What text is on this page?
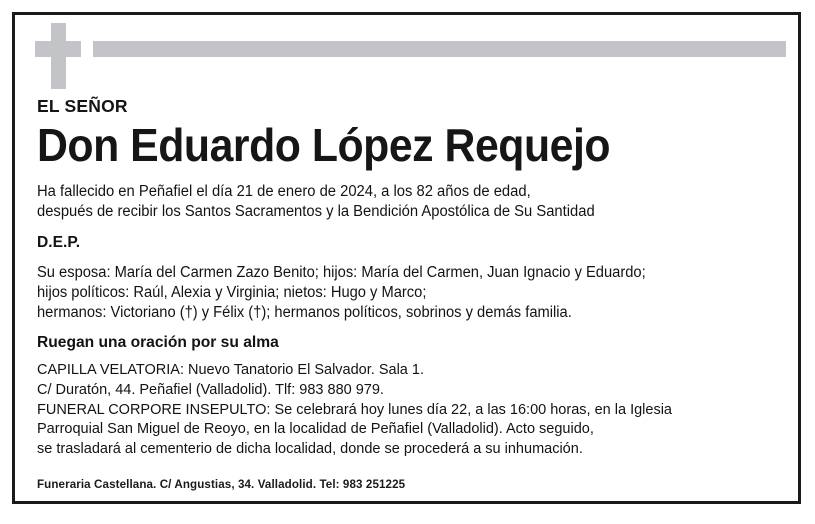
EL SEÑOR

Don Eduardo López Requejo
Ha fallecido en Peñafiel el día 21 de enero de 2024, a los 82 años de edad,
después de recibir los Santos Sacramentos y la Bendición Apostólica de Su Santidad

D.E.P.

Su esposa: María del Carmen Zazo Benito; hijos: María del Carmen, Juan Ignacio y Eduardo;
hijos políticos: Raúl, Alexia y Virginia; nietos: Hugo y Marco;
hermanos: Victoriano (†) y Félix (†); hermanos políticos, sobrinos y demás familia.

Ruegan una oración por su alma

CAPILLA VELATORIA: Nuevo Tanatorio El Salvador. Sala 1.
C/ Duratón, 44. Peñafiel (Valladolid). Tlf: 983 880 979.
FUNERAL CORPORE INSEPULTO: Se celebrará hoy lunes día 22, a las 16:00 horas, en la Iglesia
Parroquial San Miguel de Reoyo, en la localidad de Peñafiel (Valladolid). Acto seguido,
se trasladará al cementerio de dicha localidad, donde se procederá a su inhumación.
Funeraria Castellana. C/ Angustias, 34. Valladolid. Tel: 983 251225
